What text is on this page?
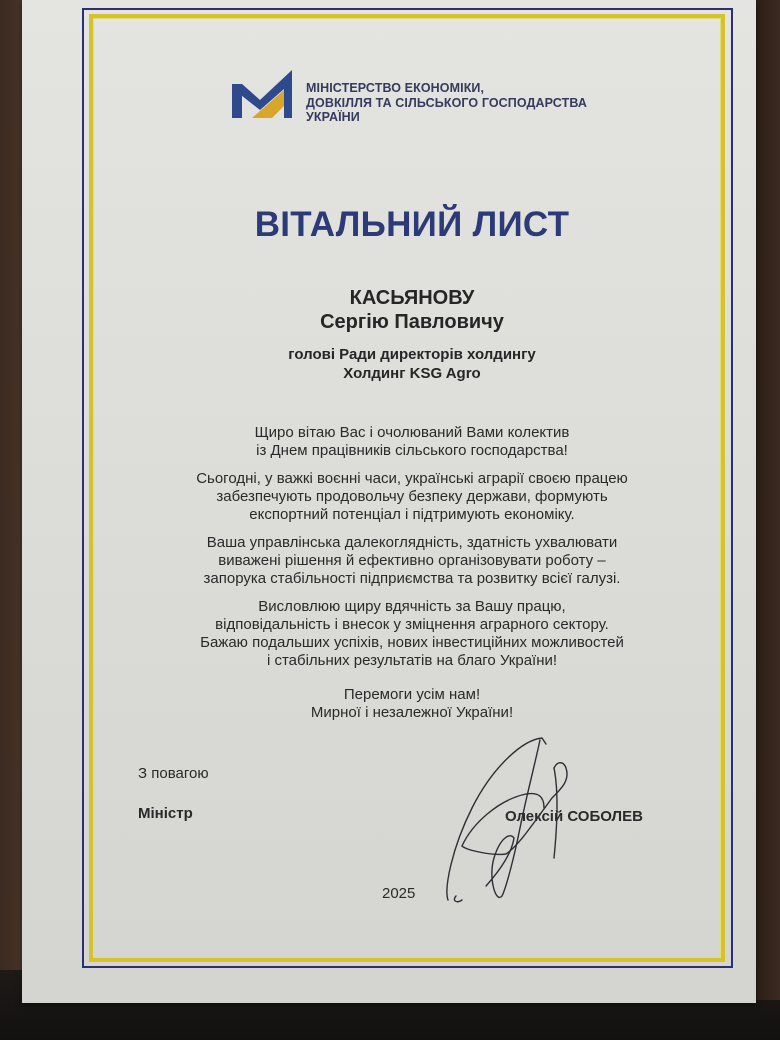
МІНІСТЕРСТВО ЕКОНОМІКИ,
ДОВКІЛЛЯ ТА СІЛЬСЬКОГО ГОСПОДАРСТВА
УКРАЇНИ
ВІТАЛЬНИЙ ЛИСТ
КАСЬЯНОВУ
Сергію Павловичу
голові Ради директорів холдингу
Холдинг KSG Agro

Щиро вітаю Вас і очолюваний Вами колектив
із Днем працівників сільського господарства!

Сьогодні, у важкі воєнні часи, українські аграрії своєю працею
забезпечують продовольчу безпеку держави, формують
експортний потенціал і підтримують економіку.

Ваша управлінська далекоглядність, здатність ухвалювати
виважені рішення й ефективно організовувати роботу –
запорука стабільності підприємства та розвитку всієї галузі.

Висловлюю щиру вдячність за Вашу працю,
відповідальність і внесок у зміцнення аграрного сектору.
Бажаю подальших успіхів, нових інвестиційних можливостей
і стабільних результатів на благо України!

Перемоги усім нам!
Мирної і незалежної України!

З повагою
Міністр	Олексій СОБОЛЕВ
2025
